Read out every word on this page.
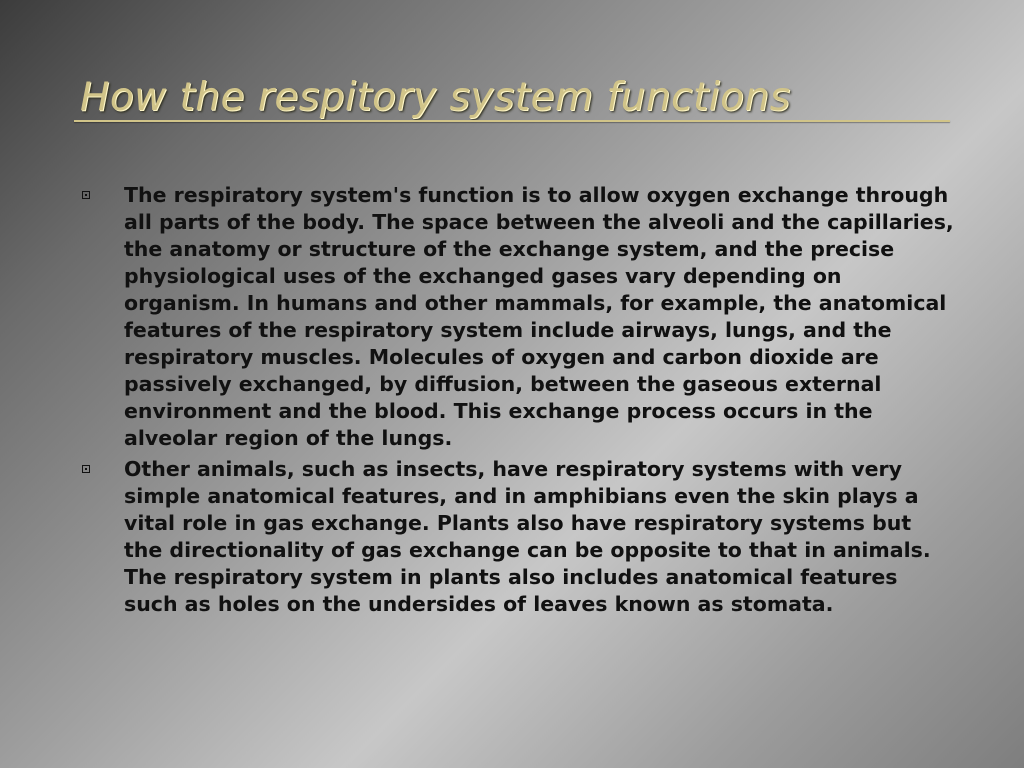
How the respitory system functions
The respiratory system's function is to allow oxygen exchange through all parts of the body. The space between the alveoli and the capillaries, the anatomy or structure of the exchange system, and the precise physiological uses of the exchanged gases vary depending on organism. In humans and other mammals, for example, the anatomical features of the respiratory system include airways, lungs, and the respiratory muscles. Molecules of oxygen and carbon dioxide are passively exchanged, by diffusion, between the gaseous external environment and the blood. This exchange process occurs in the alveolar region of the lungs.
Other animals, such as insects, have respiratory systems with very simple anatomical features, and in amphibians even the skin plays a vital role in gas exchange. Plants also have respiratory systems but the directionality of gas exchange can be opposite to that in animals. The respiratory system in plants also includes anatomical features such as holes on the undersides of leaves known as stomata.
